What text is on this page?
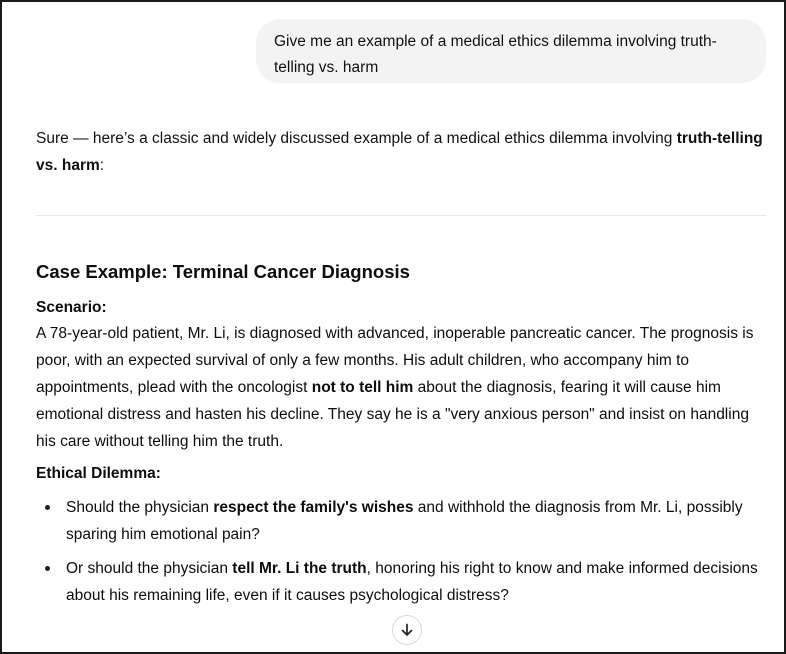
Give me an example of a medical ethics dilemma involving truth-telling vs. harm
Sure — here’s a classic and widely discussed example of a medical ethics dilemma involving truth-telling vs. harm:
Case Example: Terminal Cancer Diagnosis
Scenario:
A 78-year-old patient, Mr. Li, is diagnosed with advanced, inoperable pancreatic cancer. The prognosis is poor, with an expected survival of only a few months. His adult children, who accompany him to appointments, plead with the oncologist not to tell him about the diagnosis, fearing it will cause him emotional distress and hasten his decline. They say he is a "very anxious person" and insist on handling his care without telling him the truth.
Ethical Dilemma:
Should the physician respect the family's wishes and withhold the diagnosis from Mr. Li, possibly sparing him emotional pain?
Or should the physician tell Mr. Li the truth, honoring his right to know and make informed decisions about his remaining life, even if it causes psychological distress?
